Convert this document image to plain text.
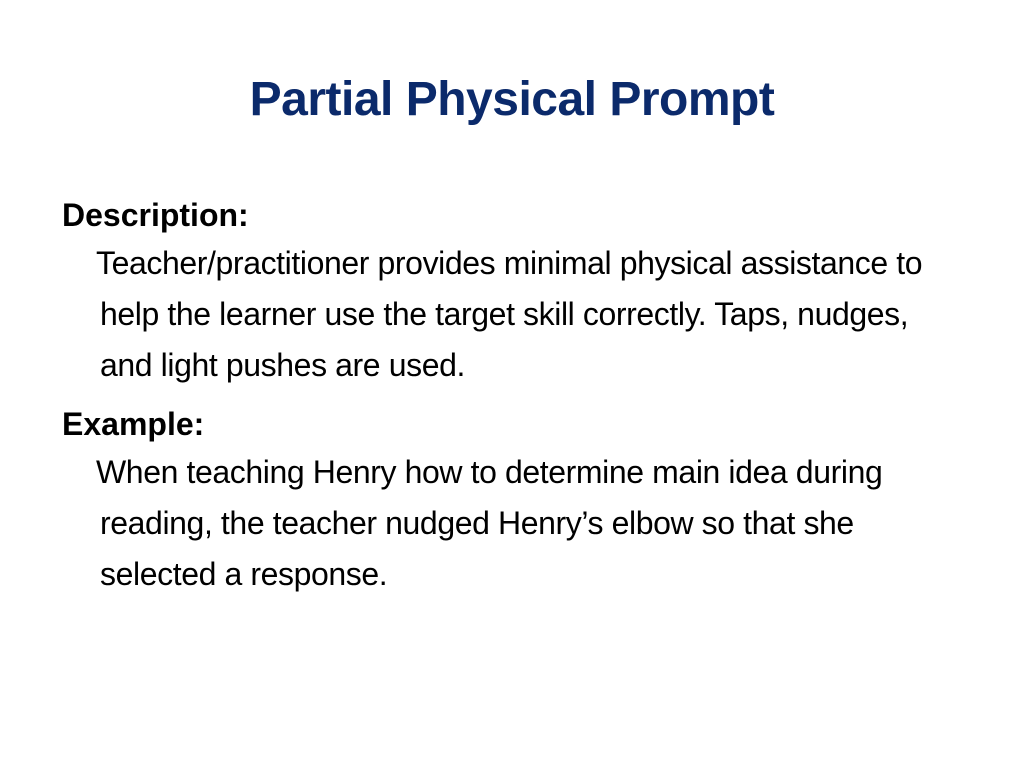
Partial Physical Prompt

Description:

Teacher/practitioner provides minimal physical assistance to help the learner use the target skill correctly. Taps, nudges, and light pushes are used.

Example:

When teaching Henry how to determine main idea during reading, the teacher nudged Henry’s elbow so that she selected a response.
